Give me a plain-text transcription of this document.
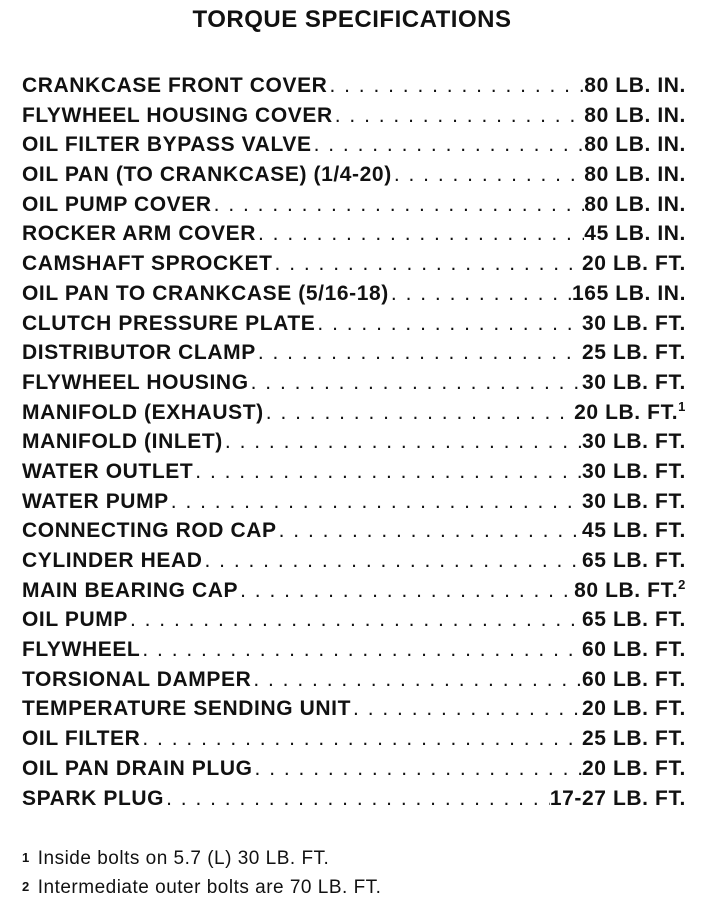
TORQUE SPECIFICATIONS
CRANKCASE FRONT COVER . . .	80 LB. IN.
FLYWHEEL HOUSING COVER . . .	80 LB. IN.
OIL FILTER BYPASS VALVE . . .	80 LB. IN.
OIL PAN (TO CRANKCASE) (1/4-20) . . .	80 LB. IN.
OIL PUMP COVER . . .	80 LB. IN.
ROCKER ARM COVER . . .	45 LB. IN.
CAMSHAFT SPROCKET . . .	20 LB. FT.
OIL PAN TO CRANKCASE (5/16-18) . . .	165 LB. IN.
CLUTCH PRESSURE PLATE . . .	30 LB. FT.
DISTRIBUTOR CLAMP . . .	25 LB. FT.
FLYWHEEL HOUSING . . .	30 LB. FT.
MANIFOLD (EXHAUST) . . .	20 LB. FT.$^1$
MANIFOLD (INLET) . . .	30 LB. FT.
WATER OUTLET . . .	30 LB. FT.
WATER PUMP . . .	30 LB. FT.
CONNECTING ROD CAP . . .	45 LB. FT.
CYLINDER HEAD . . .	65 LB. FT.
MAIN BEARING CAP . . .	80 LB. FT.$^2$
OIL PUMP . . .	65 LB. FT.
FLYWHEEL . . .	60 LB. FT.
TORSIONAL DAMPER . . .	60 LB. FT.
TEMPERATURE SENDING UNIT . . .	20 LB. FT.
OIL FILTER . . .	25 LB. FT.
OIL PAN DRAIN PLUG . . .	20 LB. FT.
SPARK PLUG . . .	17-27 LB. FT.
$^1$ Inside bolts on 5.7 (L) 30 LB. FT.
$^2$ Intermediate outer bolts are 70 LB. FT.
